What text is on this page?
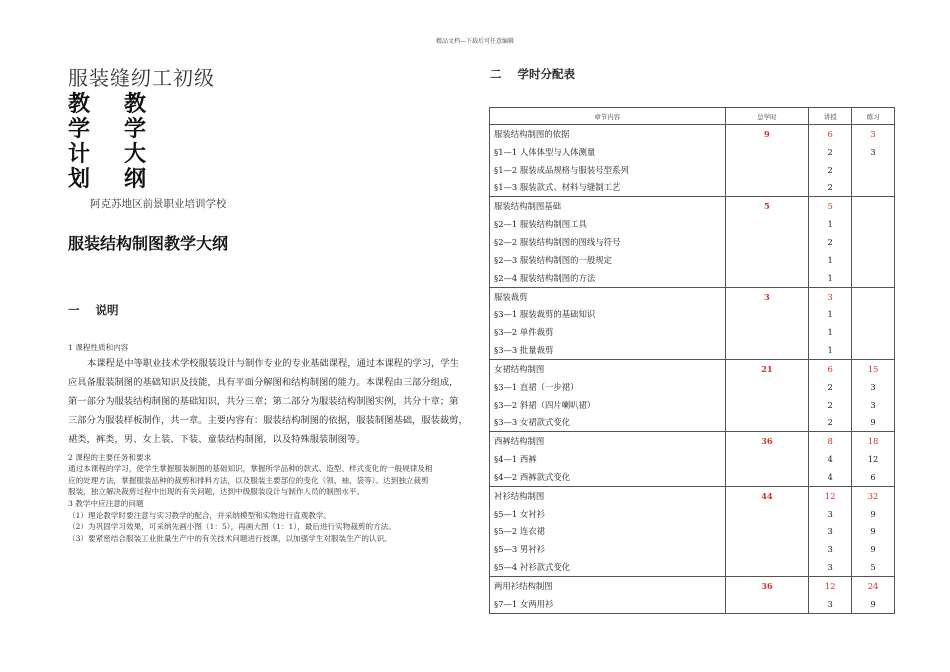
精品文档---下载后可任意编辑
服装缝纫工初级
教	教
学	学
计	大
划	纲
阿克苏地区前景职业培训学校
服装结构制图教学大纲
一 说明
1 课程性质和内容
本课程是中等职业技术学校服装设计与制作专业的专业基础课程，通过本课程的学习，学生
应具备服装制图的基础知识及技能，具有平面分解图和结构制图的能力。本课程由三部分组成，
第一部分为服装结构制图的基础知识，共分三章；第二部分为服装结构制图实例，共分十章；第
三部分为服装样板制作，共一章。主要内容有：服装结构制图的依据，服装制图基础，服装裁剪，
裙类，裤类，男、女上装、下装、童装结构制图，以及特殊服装制图等。
2 课程的主要任务和要求
通过本课程的学习，使学生掌握服装制图的基础知识，掌握所学品种的款式、造型、样式变化的一般规律及相
应的处理方法，掌握服装品种的裁剪和排料方法，以及服装主要部位的变化（领、袖、袋等）。达到独立裁剪
服装，独立解决裁剪过程中出现的有关问题，达到中级服装设计与制作人员的制图水平。
3 教学中应注意的问题
（1）理论教学时要注意与实习教学的配合，并采纳模型和实物进行直观教学。
（2）为巩固学习效果，可采纳先画小图（1：5），再画大图（1：1），最后进行实物裁剪的方法。
（3）要紧密结合服装工业批量生产中的有关技术问题进行授课，以加强学生对服装生产的认识。
二 学时分配表
章节内容	总学时	讲授	练习
服装结构制图的依据	9	6	3
§1—1 人体体型与人体测量		2	3
§1—2 服装成品规格与服装号型系列		2	
§1—3 服装款式、材料与缝制工艺		2	
服装结构制图基础	5	5	
§2—1 服装结构制图工具		1	
§2—2 服装结构制图的图线与符号		2	
§2—3 服装结构制图的一般规定		1	
§2—4 服装结构制图的方法		1	
服装裁剪	3	3	
§3—1 服装裁剪的基础知识		1	
§3—2 单件裁剪		1	
§3—3 批量裁剪		1	
女裙结构制图	21	6	15
§3—1 直裙（一步裙）		2	3
§3—2 斜裙（四片喇叭裙）		2	3
§3—3 女裙款式变化		2	9
西裤结构制图	36	8	18
§4—1 西裤		4	12
§4—2 西裤款式变化		4	6
衬衫结构制图	44	12	32
§5—1 女衬衫		3	9
§5—2 连衣裙		3	9
§5—3 男衬衫		3	9
§5—4 衬衫款式变化		3	5
两用衫结构制图	36	12	24
§7—1 女两用衫		3	9
